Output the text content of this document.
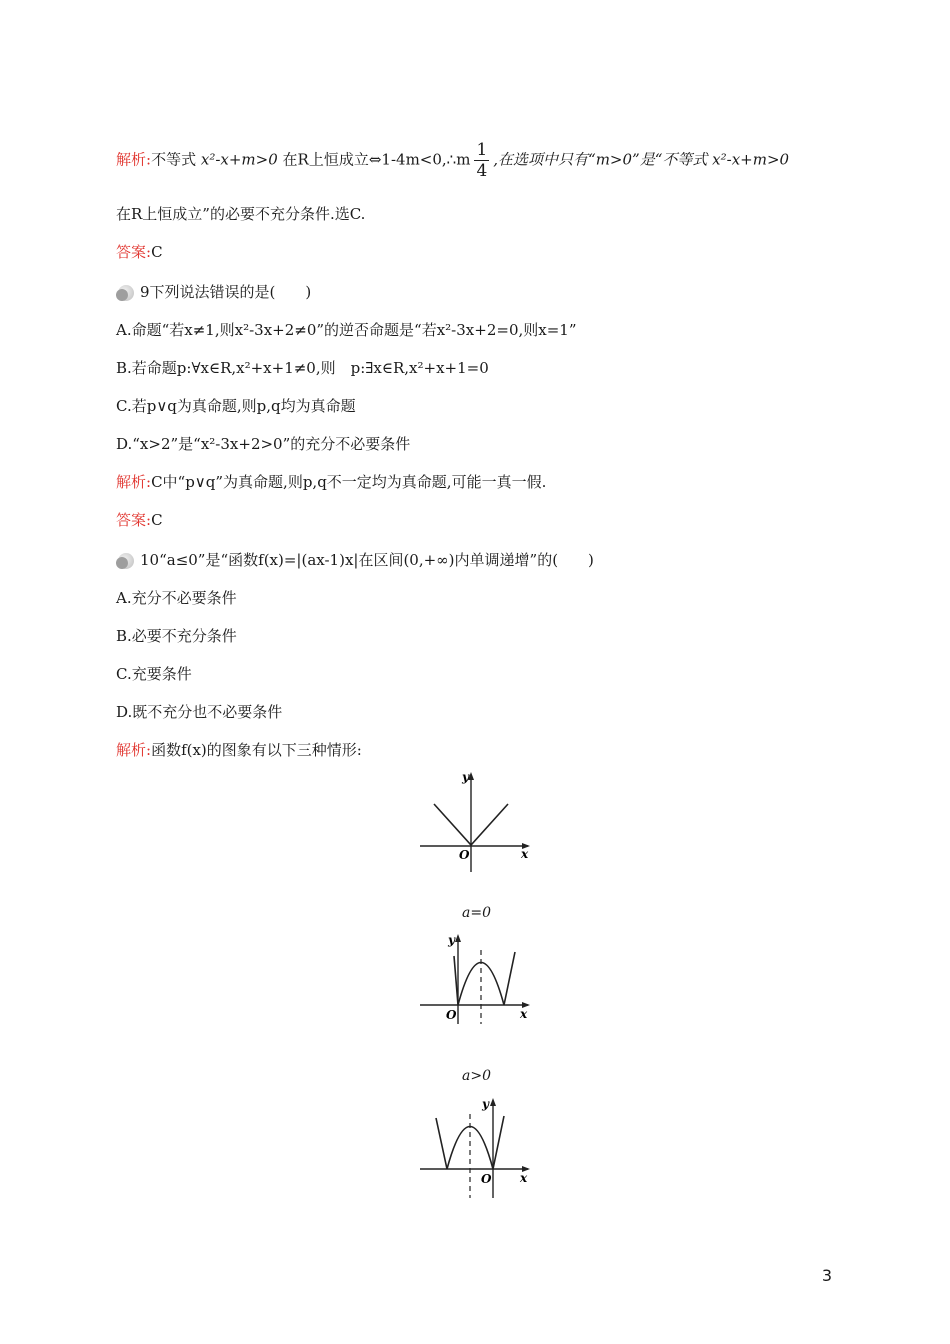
解析:不等式 x²-x+m>0 在R上恒成立⇔1-4m<0,∴m $\frac{1}{4}$ ,在选项中只有“m>0”是“不等式 x²-x+m>0
在R上恒成立”的必要不充分条件.选C.
答案:C
9下列说法错误的是(　　)
A.命题“若x≠1,则x²-3x+2≠0”的逆否命题是“若x²-3x+2=0,则x=1”
B.若命题p:∀x∈R,x²+x+1≠0,则　p:∃x∈R,x²+x+1=0
C.若p∨q为真命题,则p,q均为真命题
D.“x>2”是“x²-3x+2>0”的充分不必要条件
解析:C中“p∨q”为真命题,则p,q不一定均为真命题,可能一真一假.
答案:C
10“a≤0”是“函数f(x)=|(ax-1)x|在区间(0,+∞)内单调递增”的(　　)
A.充分不必要条件
B.必要不充分条件
C.充要条件
D.既不充分也不必要条件
解析:函数f(x)的图象有以下三种情形:
y
x
O
a=0
y
x
O
a>0
y
x
O
3
